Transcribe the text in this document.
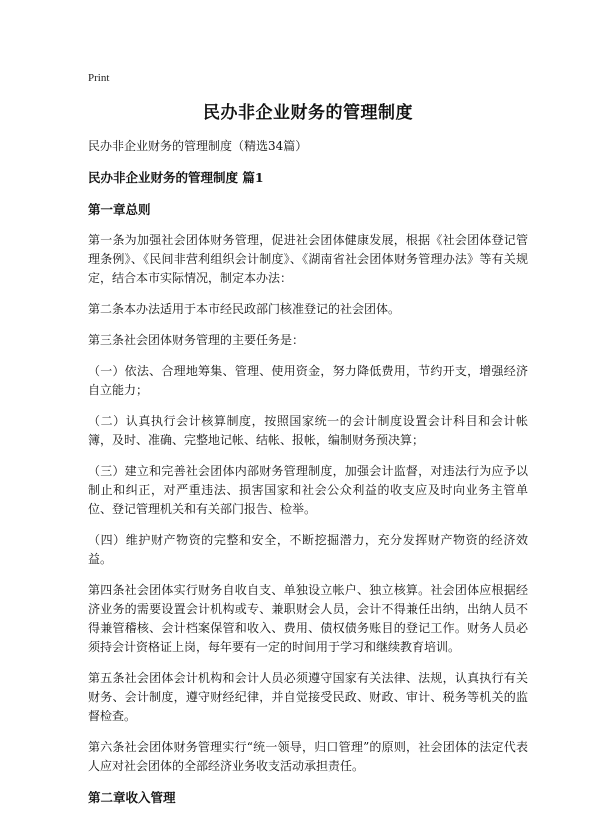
Print
民办非企业财务的管理制度
民办非企业财务的管理制度（精选34篇）
民办非企业财务的管理制度 篇1
第一章总则

第一条为加强社会团体财务管理，促进社会团体健康发展，根据《社会团体登记管理条例》、《民间非营利组织会计制度》、《湖南省社会团体财务管理办法》等有关规定，结合本市实际情况，制定本办法：

第二条本办法适用于本市经民政部门核准登记的社会团体。

第三条社会团体财务管理的主要任务是：

（一）依法、合理地筹集、管理、使用资金，努力降低费用，节约开支，增强经济自立能力；

（二）认真执行会计核算制度，按照国家统一的会计制度设置会计科目和会计帐簿，及时、准确、完整地记帐、结帐、报帐，编制财务预决算；

（三）建立和完善社会团体内部财务管理制度，加强会计监督，对违法行为应予以制止和纠正，对严重违法、损害国家和社会公众利益的收支应及时向业务主管单位、登记管理机关和有关部门报告、检举。

（四）维护财产物资的完整和安全，不断挖掘潜力，充分发挥财产物资的经济效益。

第四条社会团体实行财务自收自支、单独设立帐户、独立核算。社会团体应根据经济业务的需要设置会计机构或专、兼职财会人员，会计不得兼任出纳，出纳人员不得兼管稽核、会计档案保管和收入、费用、债权债务账目的登记工作。财务人员必须持会计资格证上岗，每年要有一定的时间用于学习和继续教育培训。

第五条社会团体会计机构和会计人员必须遵守国家有关法律、法规，认真执行有关财务、会计制度，遵守财经纪律，并自觉接受民政、财政、审计、税务等机关的监督检查。

第六条社会团体财务管理实行“统一领导，归口管理”的原则，社会团体的法定代表人应对社会团体的全部经济业务收支活动承担责任。

第二章收入管理
